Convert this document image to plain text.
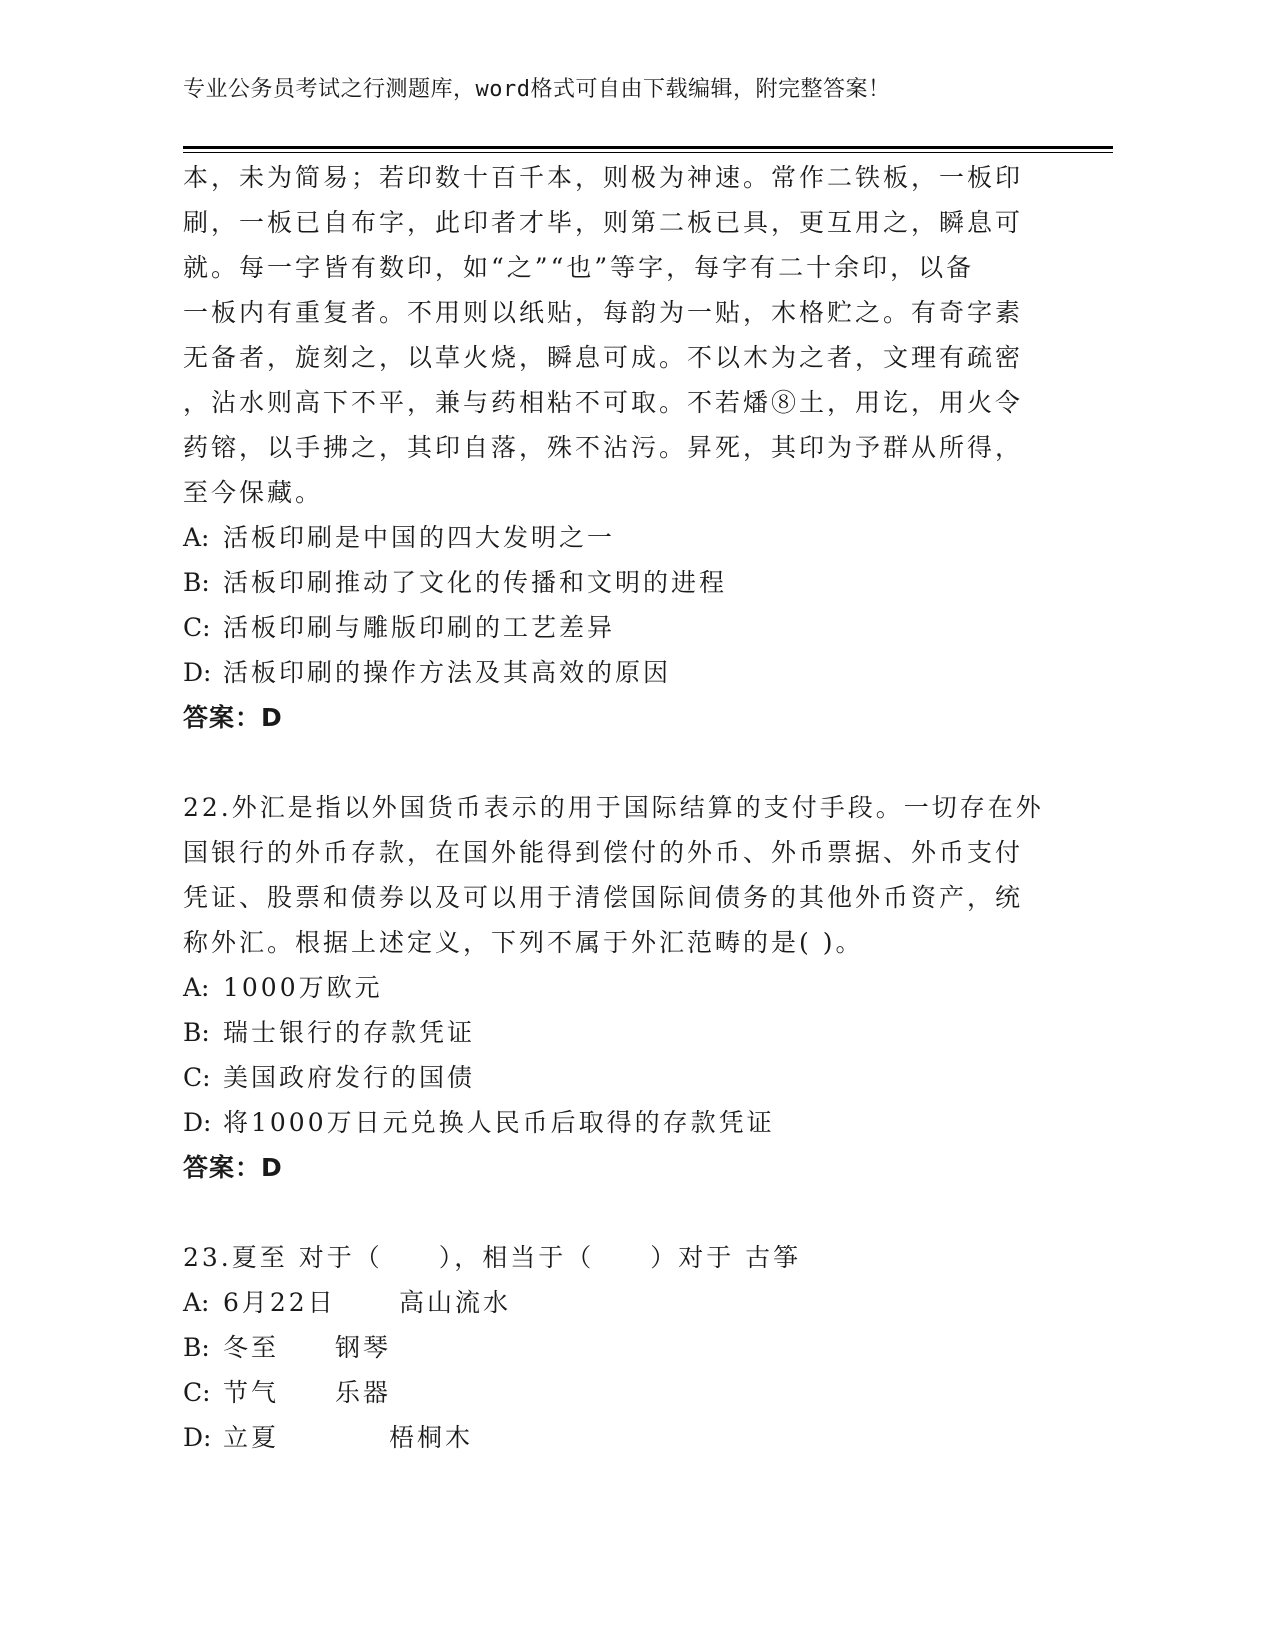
专业公务员考试之行测题库，word格式可自由下载编辑，附完整答案！
本，未为简易；若印数十百千本，则极为神速。常作二铁板，一板印
刷，一板已自布字，此印者才毕，则第二板已具，更互用之，瞬息可
就。每一字皆有数印，如“之”“也”等字，每字有二十余印，以备
一板内有重复者。不用则以纸贴，每韵为一贴，木格贮之。有奇字素
无备者，旋刻之，以草火烧，瞬息可成。不以木为之者，文理有疏密
，沾水则高下不平，兼与药相粘不可取。不若燔⑧土，用讫，用火令
药镕，以手拂之，其印自落，殊不沾污。昇死，其印为予群从所得，
至今保藏。
A: 活板印刷是中国的四大发明之一
B: 活板印刷推动了文化的传播和文明的进程
C: 活板印刷与雕版印刷的工艺差异
D: 活板印刷的操作方法及其高效的原因
答案：D
22.外汇是指以外国货币表示的用于国际结算的支付手段。一切存在外
国银行的外币存款，在国外能得到偿付的外币、外币票据、外币支付
凭证、股票和债券以及可以用于清偿国际间债务的其他外币资产，统
称外汇。根据上述定义，下列不属于外汇范畴的是( )。
A: 1000万欧元
B: 瑞士银行的存款凭证
C: 美国政府发行的国债
D: 将1000万日元兑换人民币后取得的存款凭证
答案：D
23.夏至 对于（　　），相当于（　　）对于 古筝
A: 6月22日	高山流水
B: 冬至 钢琴
C: 节气 乐器
D: 立夏	梧桐木
